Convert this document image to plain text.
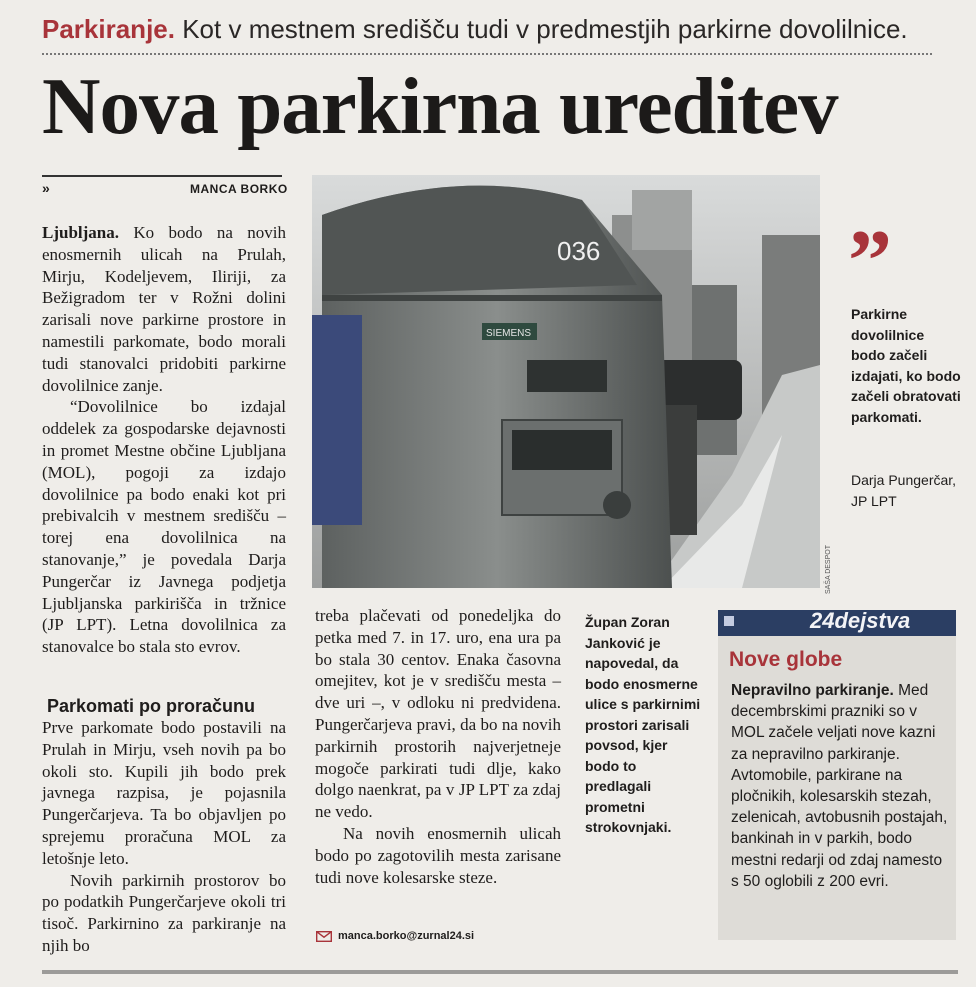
Parkiranje. Kot v mestnem središču tudi v predmestjih parkirne dovolilnice.
Nova parkirna ureditev
»	MANCA BORKO

Ljubljana. Ko bodo na novih enosmernih ulicah na Prulah, Mirju, Kodeljevem, Iliriji, za Bežigradom ter v Rožni dolini zarisali nove parkirne prostore in namestili parkomate, bodo morali tudi stanovalci pridobiti parkirne dovolilnice zanje.

“Dovolilnice bo izdajal oddelek za gospodarske dejavnosti in promet Mestne občine Ljubljana (MOL), pogoji za izdajo dovolilnice pa bodo enaki kot pri prebivalcih v mestnem središču – torej ena dovolilnica na stanovanje,” je povedala Darja Pungerčar iz Javnega podjetja Ljubljanska parkirišča in tržnice (JP LPT). Letna dovolilnica za stanovalce bo stala sto evrov.

Parkomati po proračunu

Prve parkomate bodo postavili na Prulah in Mirju, vseh novih pa bo okoli sto. Kupili jih bodo prek javnega razpisa, je pojasnila Pungerčarjeva. Ta bo objavljen po sprejemu proračuna MOL za letošnje leto.

Novih parkirnih prostorov bo po podatkih Pungerčarjeve okoli tri tisoč. Parkirnino za parkiranje na njih bo

treba plačevati od ponedeljka do petka med 7. in 17. uro, ena ura pa bo stala 30 centov. Enaka časovna omejitev, kot je v središču mesta – dve uri –, v odloku ni predvidena. Pungerčarjeva pravi, da bo na novih parkirnih prostorih najverjetneje mogoče parkirati tudi dlje, kako dolgo naenkrat, pa v JP LPT za zdaj ne vedo.

Na novih enosmernih ulicah bodo po zagotovilih mesta zarisane tudi nove kolesarske steze.

manca.borko@zurnal24.si
SIEMENS
036
SAŠA DESPOT
”
Parkirne dovolilnice bodo začeli izdajati, ko bodo začeli obratovati parkomati.
Darja Pungerčar, JP LPT
Župan Zoran Janković je napovedal, da bodo enosmerne ulice s parkirnimi prostori zarisali povsod, kjer bodo to predlagali prometni strokovnjaki.
24dejstva
Nove globe
Nepravilno parkiranje. Med decembrskimi prazniki so v MOL začele veljati nove kazni za nepravilno parkiranje. Avtomobile, parkirane na pločnikih, kolesarskih stezah, zelenicah, avtobusnih postajah, bankinah in v parkih, bodo mestni redarji od zdaj namesto s 50 oglobili z 200 evri.
